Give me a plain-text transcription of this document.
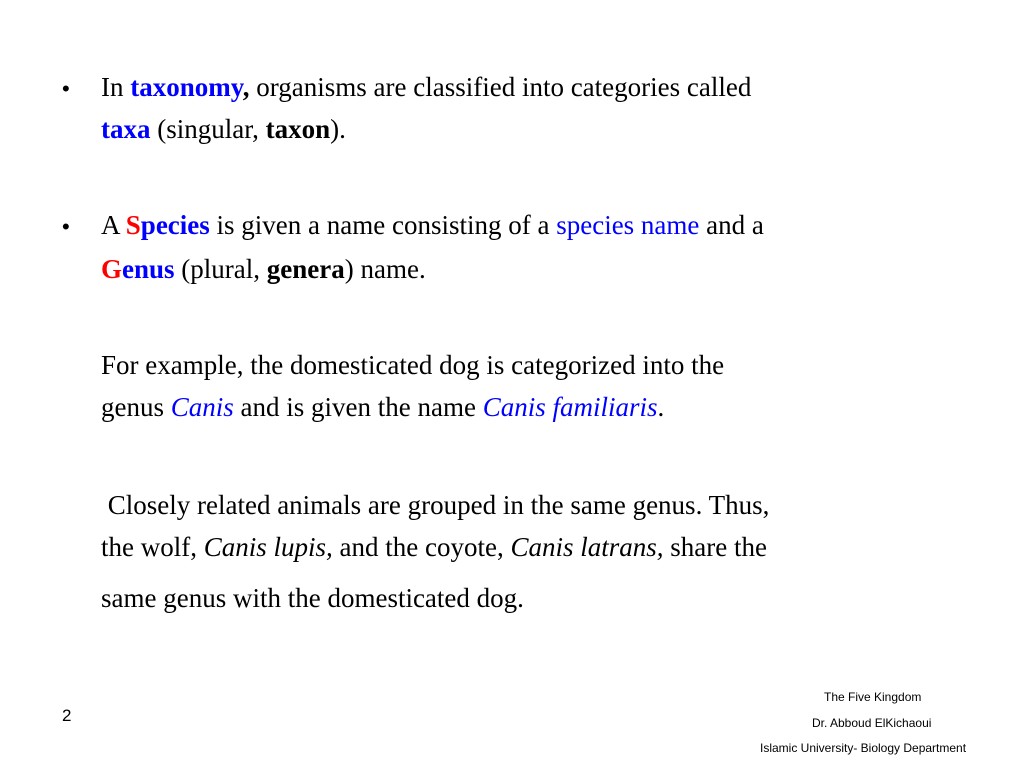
• In taxonomy, organisms are classified into categories called
taxa (singular, taxon).
• A Species is given a name consisting of a species name and a
Genus (plural, genera) name.
For example, the domesticated dog is categorized into the
genus Canis and is given the name Canis familiaris.
Closely related animals are grouped in the same genus. Thus,
the wolf, Canis lupis, and the coyote, Canis latrans, share the
same genus with the domesticated dog.
2
The Five Kingdom
Dr. Abboud ElKichaoui
Islamic University- Biology Department
